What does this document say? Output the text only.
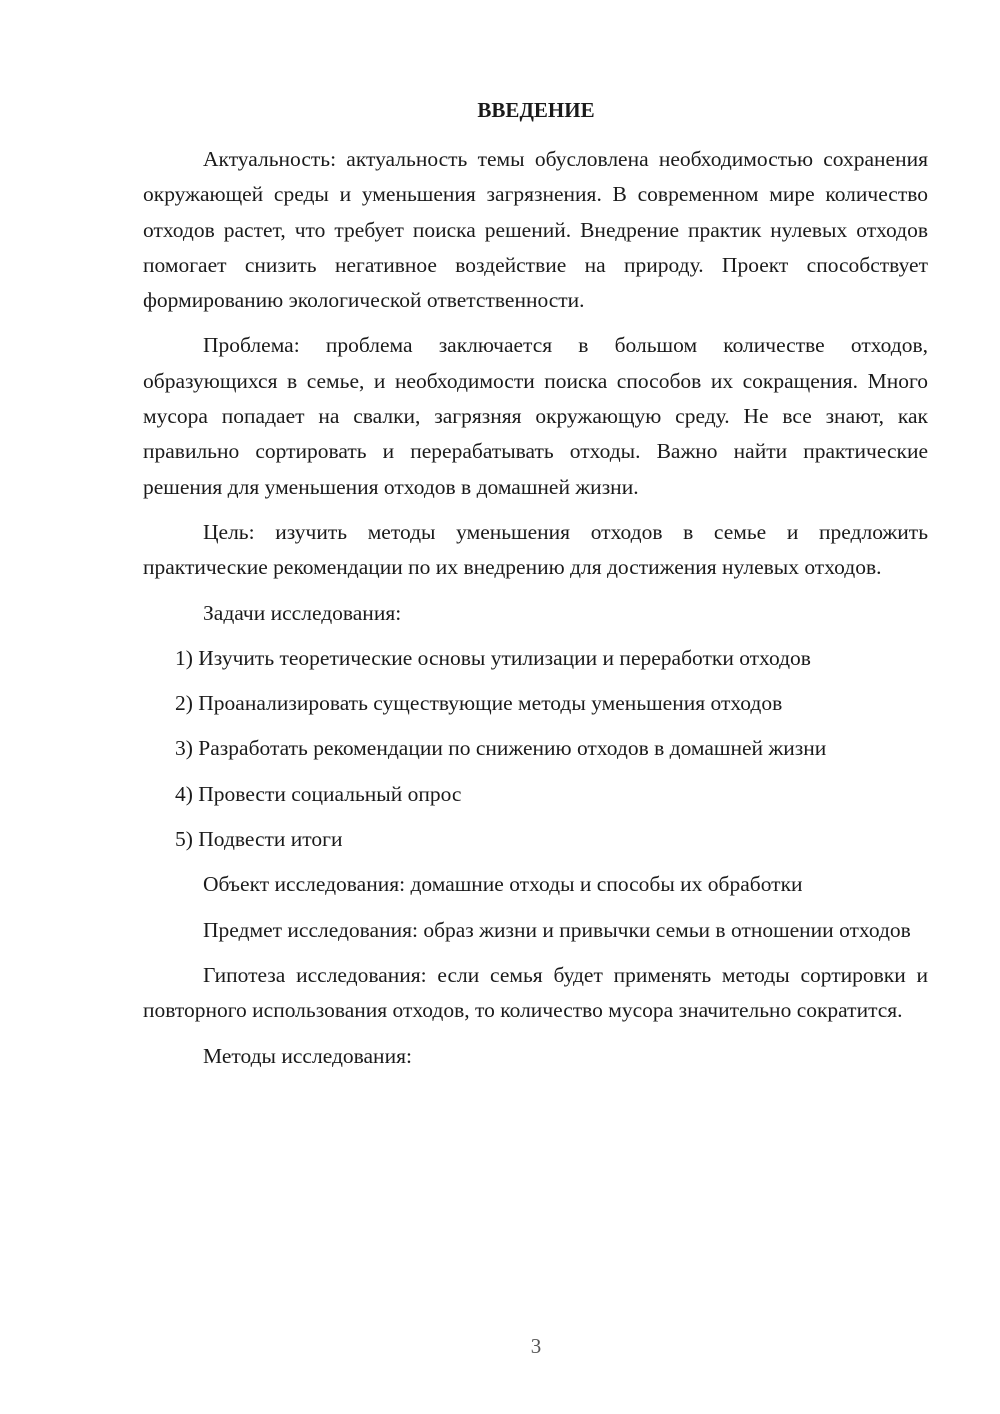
ВВЕДЕНИЕ

Актуальность: актуальность темы обусловлена необходимостью сохранения окружающей среды и уменьшения загрязнения. В современном мире количество отходов растет, что требует поиска решений. Внедрение практик нулевых отходов помогает снизить негативное воздействие на природу. Проект способствует формированию экологической ответственности.

Проблема: проблема заключается в большом количестве отходов, образующихся в семье, и необходимости поиска способов их сокращения. Много мусора попадает на свалки, загрязняя окружающую среду. Не все знают, как правильно сортировать и перерабатывать отходы. Важно найти практические решения для уменьшения отходов в домашней жизни.

Цель: изучить методы уменьшения отходов в семье и предложить практические рекомендации по их внедрению для достижения нулевых отходов.

Задачи исследования:

1) Изучить теоретические основы утилизации и переработки отходов

2) Проанализировать существующие методы уменьшения отходов

3) Разработать рекомендации по снижению отходов в домашней жизни

4) Провести социальный опрос

5) Подвести итоги

Объект исследования: домашние отходы и способы их обработки

Предмет исследования: образ жизни и привычки семьи в отношении отходов

Гипотеза исследования: если семья будет применять методы сортировки и повторного использования отходов, то количество мусора значительно сократится.

Методы исследования:

3
